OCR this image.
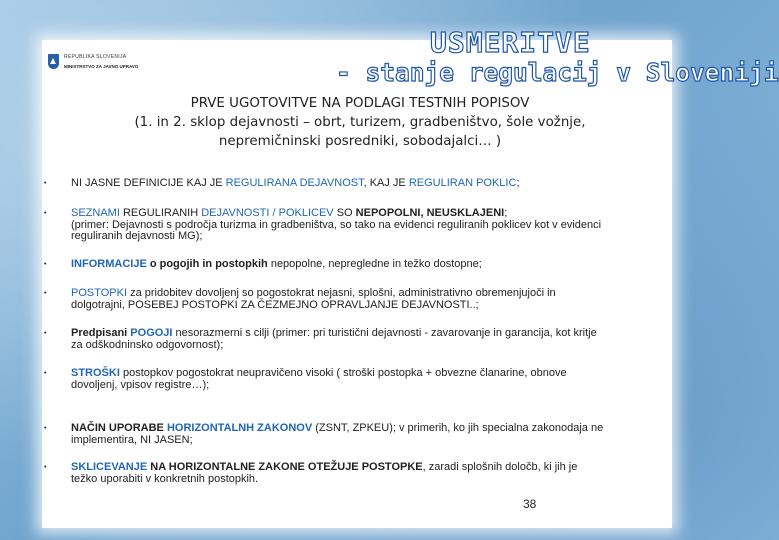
REPUBLIKA SLOVENIJA
MINISTRSTVO ZA JAVNO UPRAVO
USMERITVE
- stanje regulacij v Sloveniji
PRVE UGOTOVITVE NA PODLAGI TESTNIH POPISOV
(1. in 2. sklop dejavnosti – obrt, turizem, gradbeništvo, šole vožnje,
nepremičninski posredniki, sobodajalci… )
• NI JASNE DEFINICIJE KAJ JE REGULIRANA DEJAVNOST, KAJ JE REGULIRAN POKLIC;
• SEZNAMI REGULIRANIH DEJAVNOSTI / POKLICEV SO NEPOPOLNI, NEUSKLAJENI;
(primer: Dejavnosti s področja turizma in gradbeništva, so tako na evidenci reguliranih poklicev kot v evidenci
reguliranih dejavnosti MG);
• INFORMACIJE o pogojih in postopkih nepopolne, nepregledne in težko dostopne;
• POSTOPKI za pridobitev dovoljenj so pogostokrat nejasni, splošni, administrativno obremenjujoči in
dolgotrajni, POSEBEJ POSTOPKI ZA ČEZMEJNO OPRAVLJANJE DEJAVNOSTI..;
• Predpisani POGOJI nesorazmerni s cilji (primer: pri turistični dejavnosti - zavarovanje in garancija, kot kritje
za odškodninsko odgovornost);
• STROŠKI postopkov pogostokrat neupravičeno visoki ( stroški postopka + obvezne članarine, obnove
dovoljenj, vpisov registre…);
• NAČIN UPORABE HORIZONTALNH ZAKONOV (ZSNT, ZPKEU); v primerih, ko jih specialna zakonodaja ne
implementira, NI JASEN;
• SKLICEVANJE NA HORIZONTALNE ZAKONE OTEŽUJE POSTOPKE, zaradi splošnih določb, ki jih je
težko uporabiti v konkretnih postopkih.
38
